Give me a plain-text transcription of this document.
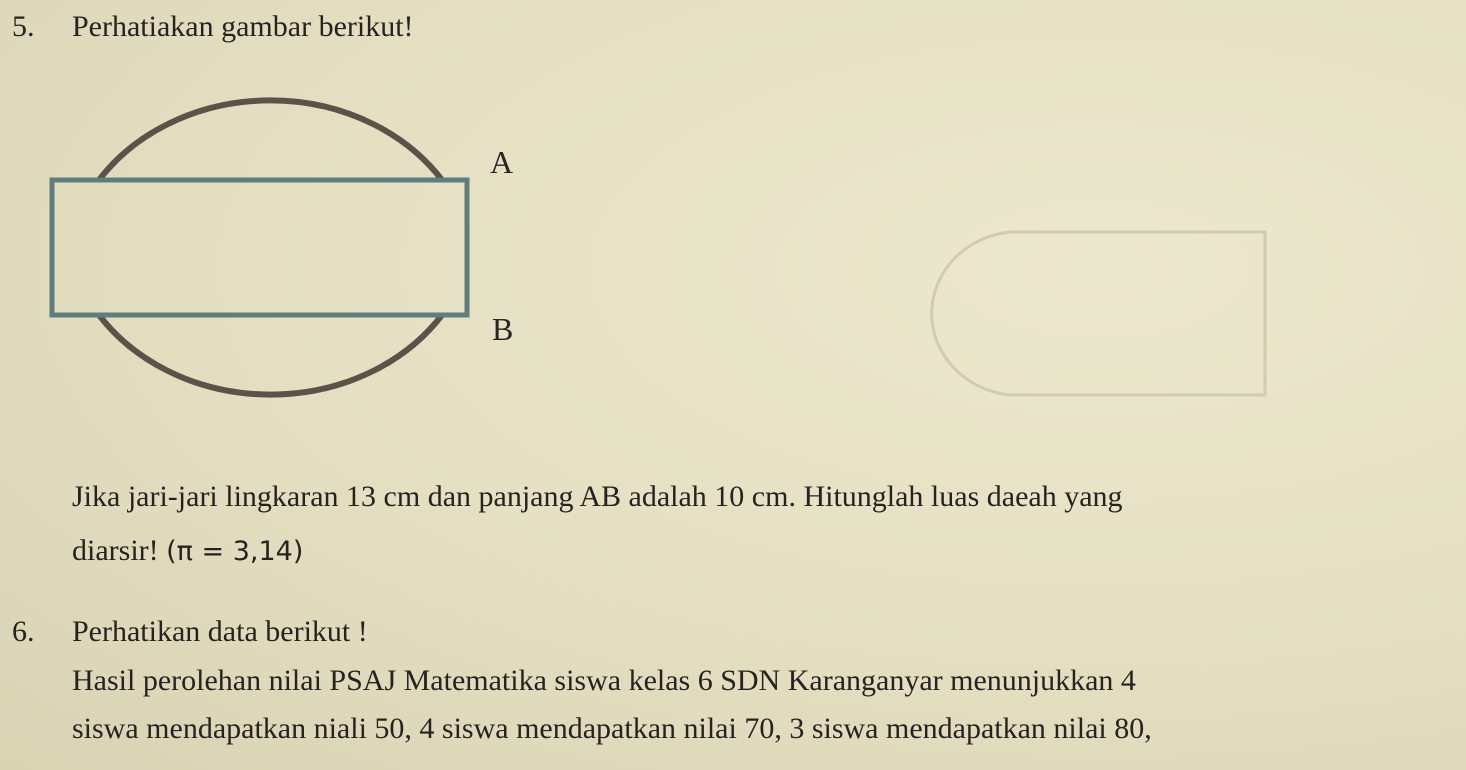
5. Perhatiakan gambar berikut!
A
B
Jika jari-jari lingkaran 13 cm dan panjang AB adalah 10 cm. Hitunglah luas daeah yang
diarsir! (π = 3,14)
6. Perhatikan data berikut !
Hasil perolehan nilai PSAJ Matematika siswa kelas 6 SDN Karanganyar menunjukkan 4
siswa mendapatkan niali 50, 4 siswa mendapatkan nilai 70, 3 siswa mendapatkan nilai 80,
